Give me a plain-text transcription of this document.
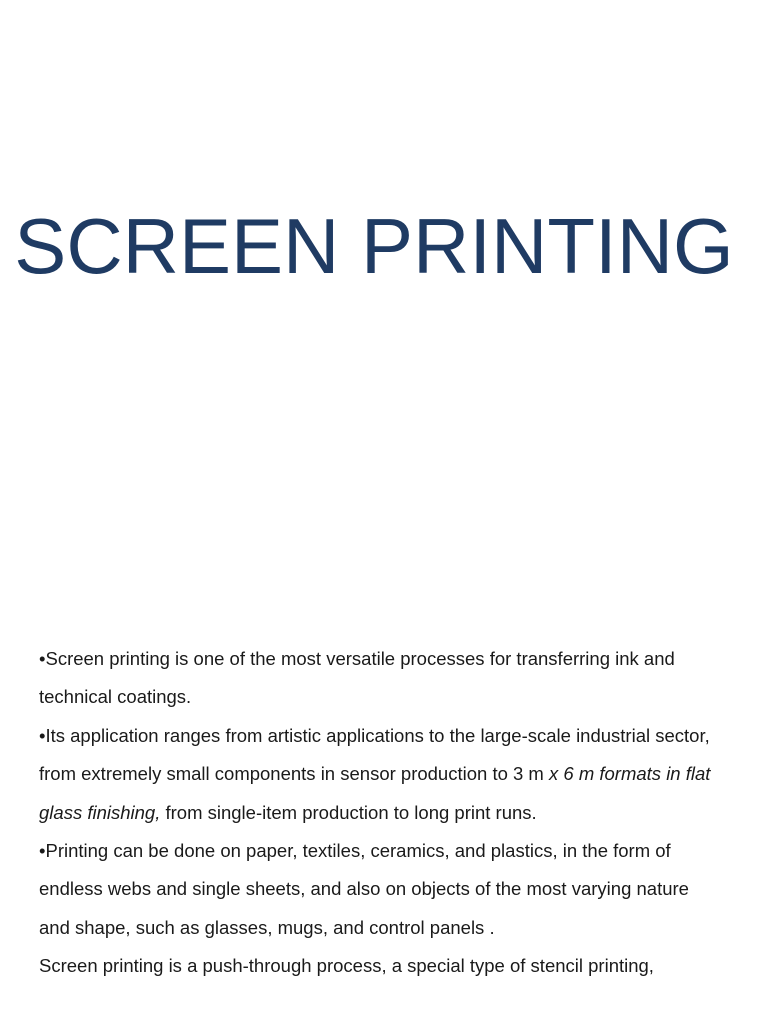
SCREEN PRINTING

•Screen printing is one of the most versatile processes for transferring ink and technical coatings.

•Its application ranges from artistic applications to the large-scale industrial sector, from extremely small components in sensor production to 3 m x 6 m formats in flat glass finishing, from single-item production to long print runs.

•Printing can be done on paper, textiles, ceramics, and plastics, in the form of endless webs and single sheets, and also on objects of the most varying nature and shape, such as glasses, mugs, and control panels .

Screen printing is a push-through process, a special type of stencil printing,
